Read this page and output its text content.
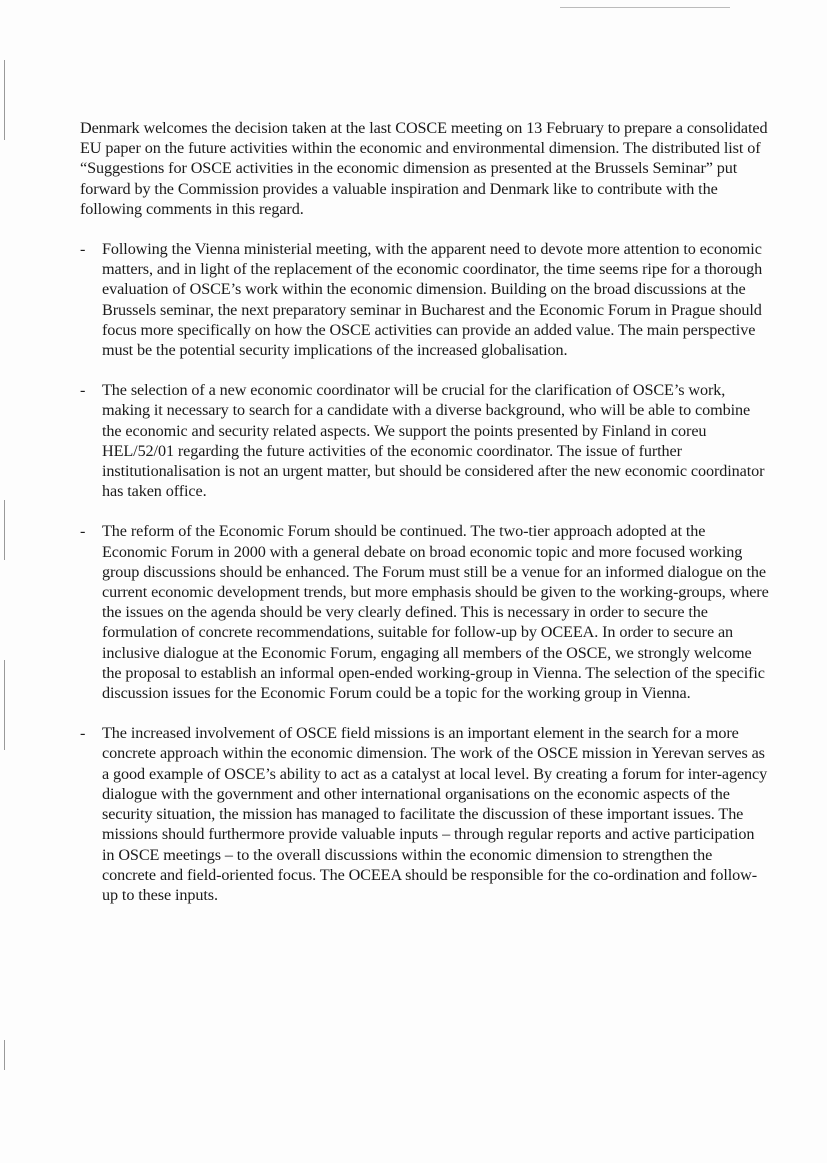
Denmark welcomes the decision taken at the last COSCE meeting on 13 February to prepare a consolidated EU paper on the future activities within the economic and environmental dimension. The distributed list of “Suggestions for OSCE activities in the economic dimension as presented at the Brussels Seminar” put forward by the Commission provides a valuable inspiration and Denmark like to contribute with the following comments in this regard.

- Following the Vienna ministerial meeting, with the apparent need to devote more attention to economic matters, and in light of the replacement of the economic coordinator, the time seems ripe for a thorough evaluation of OSCE’s work within the economic dimension. Building on the broad discussions at the Brussels seminar, the next preparatory seminar in Bucharest and the Economic Forum in Prague should focus more specifically on how the OSCE activities can provide an added value. The main perspective must be the potential security implications of the increased globalisation.
- The selection of a new economic coordinator will be crucial for the clarification of OSCE’s work, making it necessary to search for a candidate with a diverse background, who will be able to combine the economic and security related aspects. We support the points presented by Finland in coreu HEL/52/01 regarding the future activities of the economic coordinator. The issue of further institutionalisation is not an urgent matter, but should be considered after the new economic coordinator has taken office.
- The reform of the Economic Forum should be continued. The two-tier approach adopted at the Economic Forum in 2000 with a general debate on broad economic topic and more focused working group discussions should be enhanced. The Forum must still be a venue for an informed dialogue on the current economic development trends, but more emphasis should be given to the working-groups, where the issues on the agenda should be very clearly defined. This is necessary in order to secure the formulation of concrete recommendations, suitable for follow-up by OCEEA. In order to secure an inclusive dialogue at the Economic Forum, engaging all members of the OSCE, we strongly welcome the proposal to establish an informal open-ended working-group in Vienna. The selection of the specific discussion issues for the Economic Forum could be a topic for the working group in Vienna.
- The increased involvement of OSCE field missions is an important element in the search for a more concrete approach within the economic dimension. The work of the OSCE mission in Yerevan serves as a good example of OSCE’s ability to act as a catalyst at local level. By creating a forum for inter-agency dialogue with the government and other international organisations on the economic aspects of the security situation, the mission has managed to facilitate the discussion of these important issues. The missions should furthermore provide valuable inputs – through regular reports and active participation in OSCE meetings – to the overall discussions within the economic dimension to strengthen the concrete and field-oriented focus. The OCEEA should be responsible for the co-ordination and follow-up to these inputs.
